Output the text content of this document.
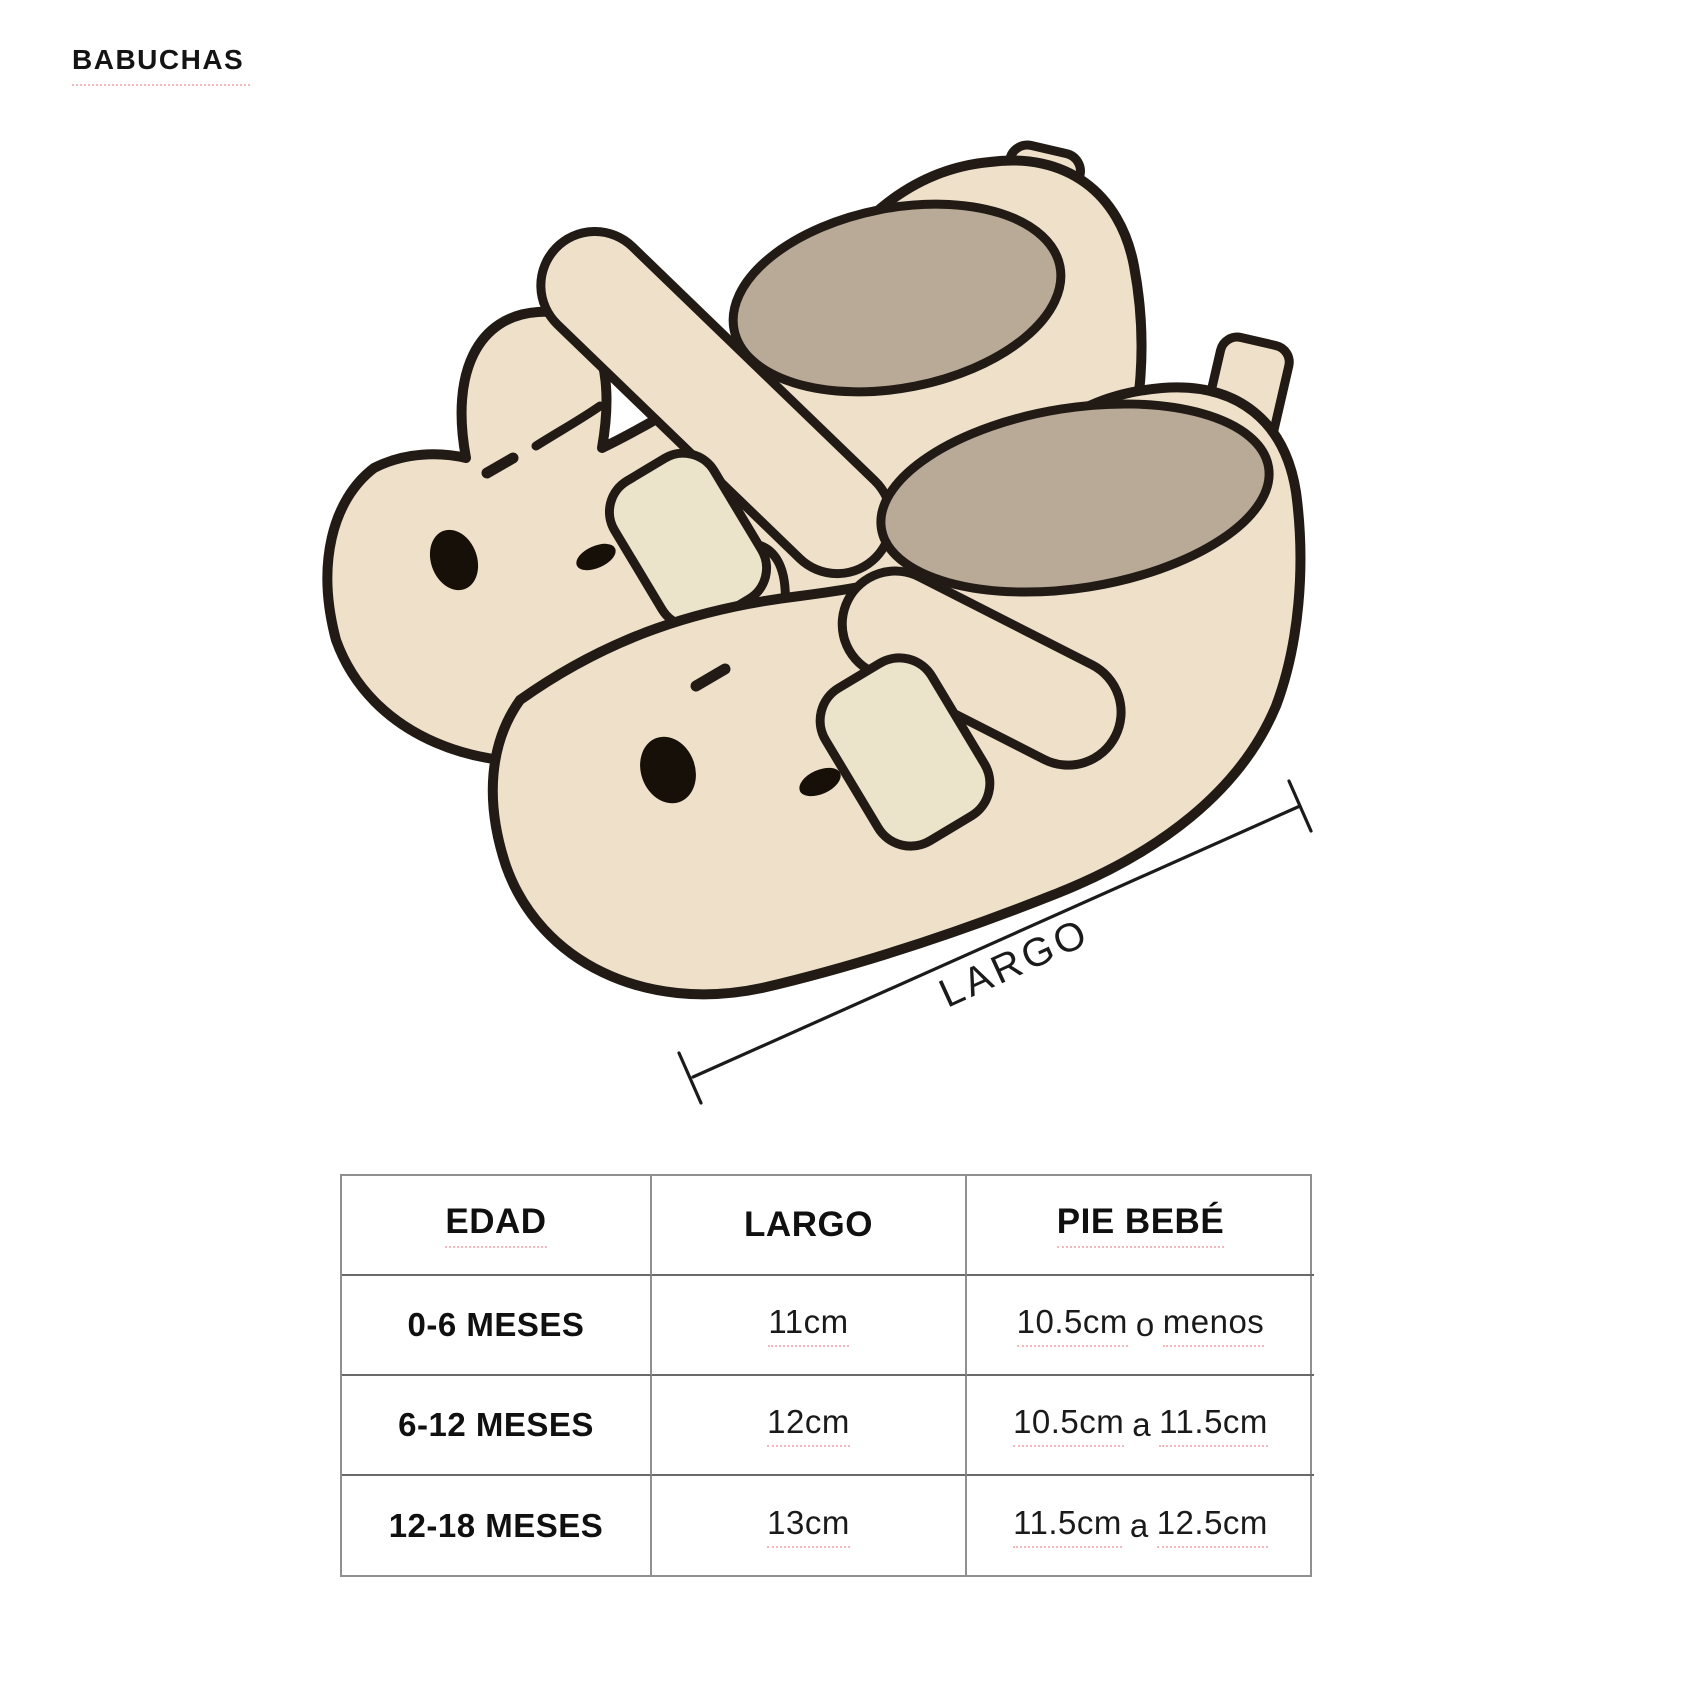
BABUCHAS
LARGO
EDAD	LARGO	PIE BEBÉ
0-6 MESES	11cm	10.5cm o menos
6-12 MESES	12cm	10.5cm a 11.5cm
12-18 MESES	13cm	11.5cm a 12.5cm
